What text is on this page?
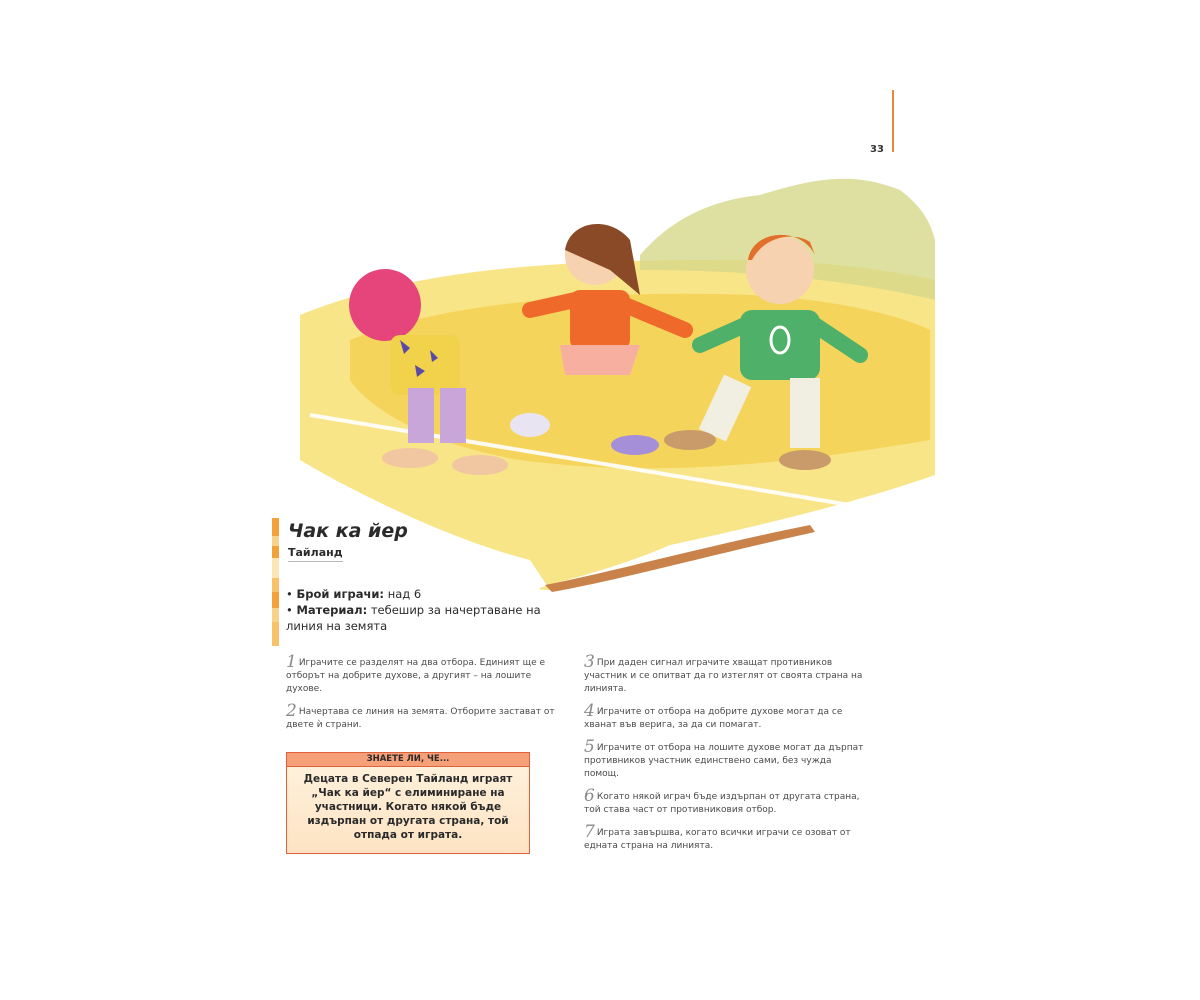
33
Чак ка йер
Тайланд
• Брой играчи: над 6
• Материал: тебешир за начертаване на линия на земята
1 Играчите се разделят на два отбора. Единият ще е отборът на добрите духове, а другият – на лошите духове.
2 Начертава се линия на земята. Отборите застават от двете ѝ страни.
3 При даден сигнал играчите хващат противников участник и се опитват да го изтеглят от своята страна на линията.
4 Играчите от отбора на добрите духове могат да се хванат във верига, за да си помагат.
5 Играчите от отбора на лошите духове могат да дърпат противников участник единствено сами, без чужда помощ.
6 Когато някой играч бъде издърпан от другата страна, той става част от противниковия отбор.
7 Играта завършва, когато всички играчи се озоват от едната страна на линията.
ЗНАЕТЕ ЛИ, ЧЕ...
Децата в Северен Тайланд играят „Чак ка йер“ с елиминиране на участници. Когато някой бъде издърпан от другата страна, той отпада от играта.
